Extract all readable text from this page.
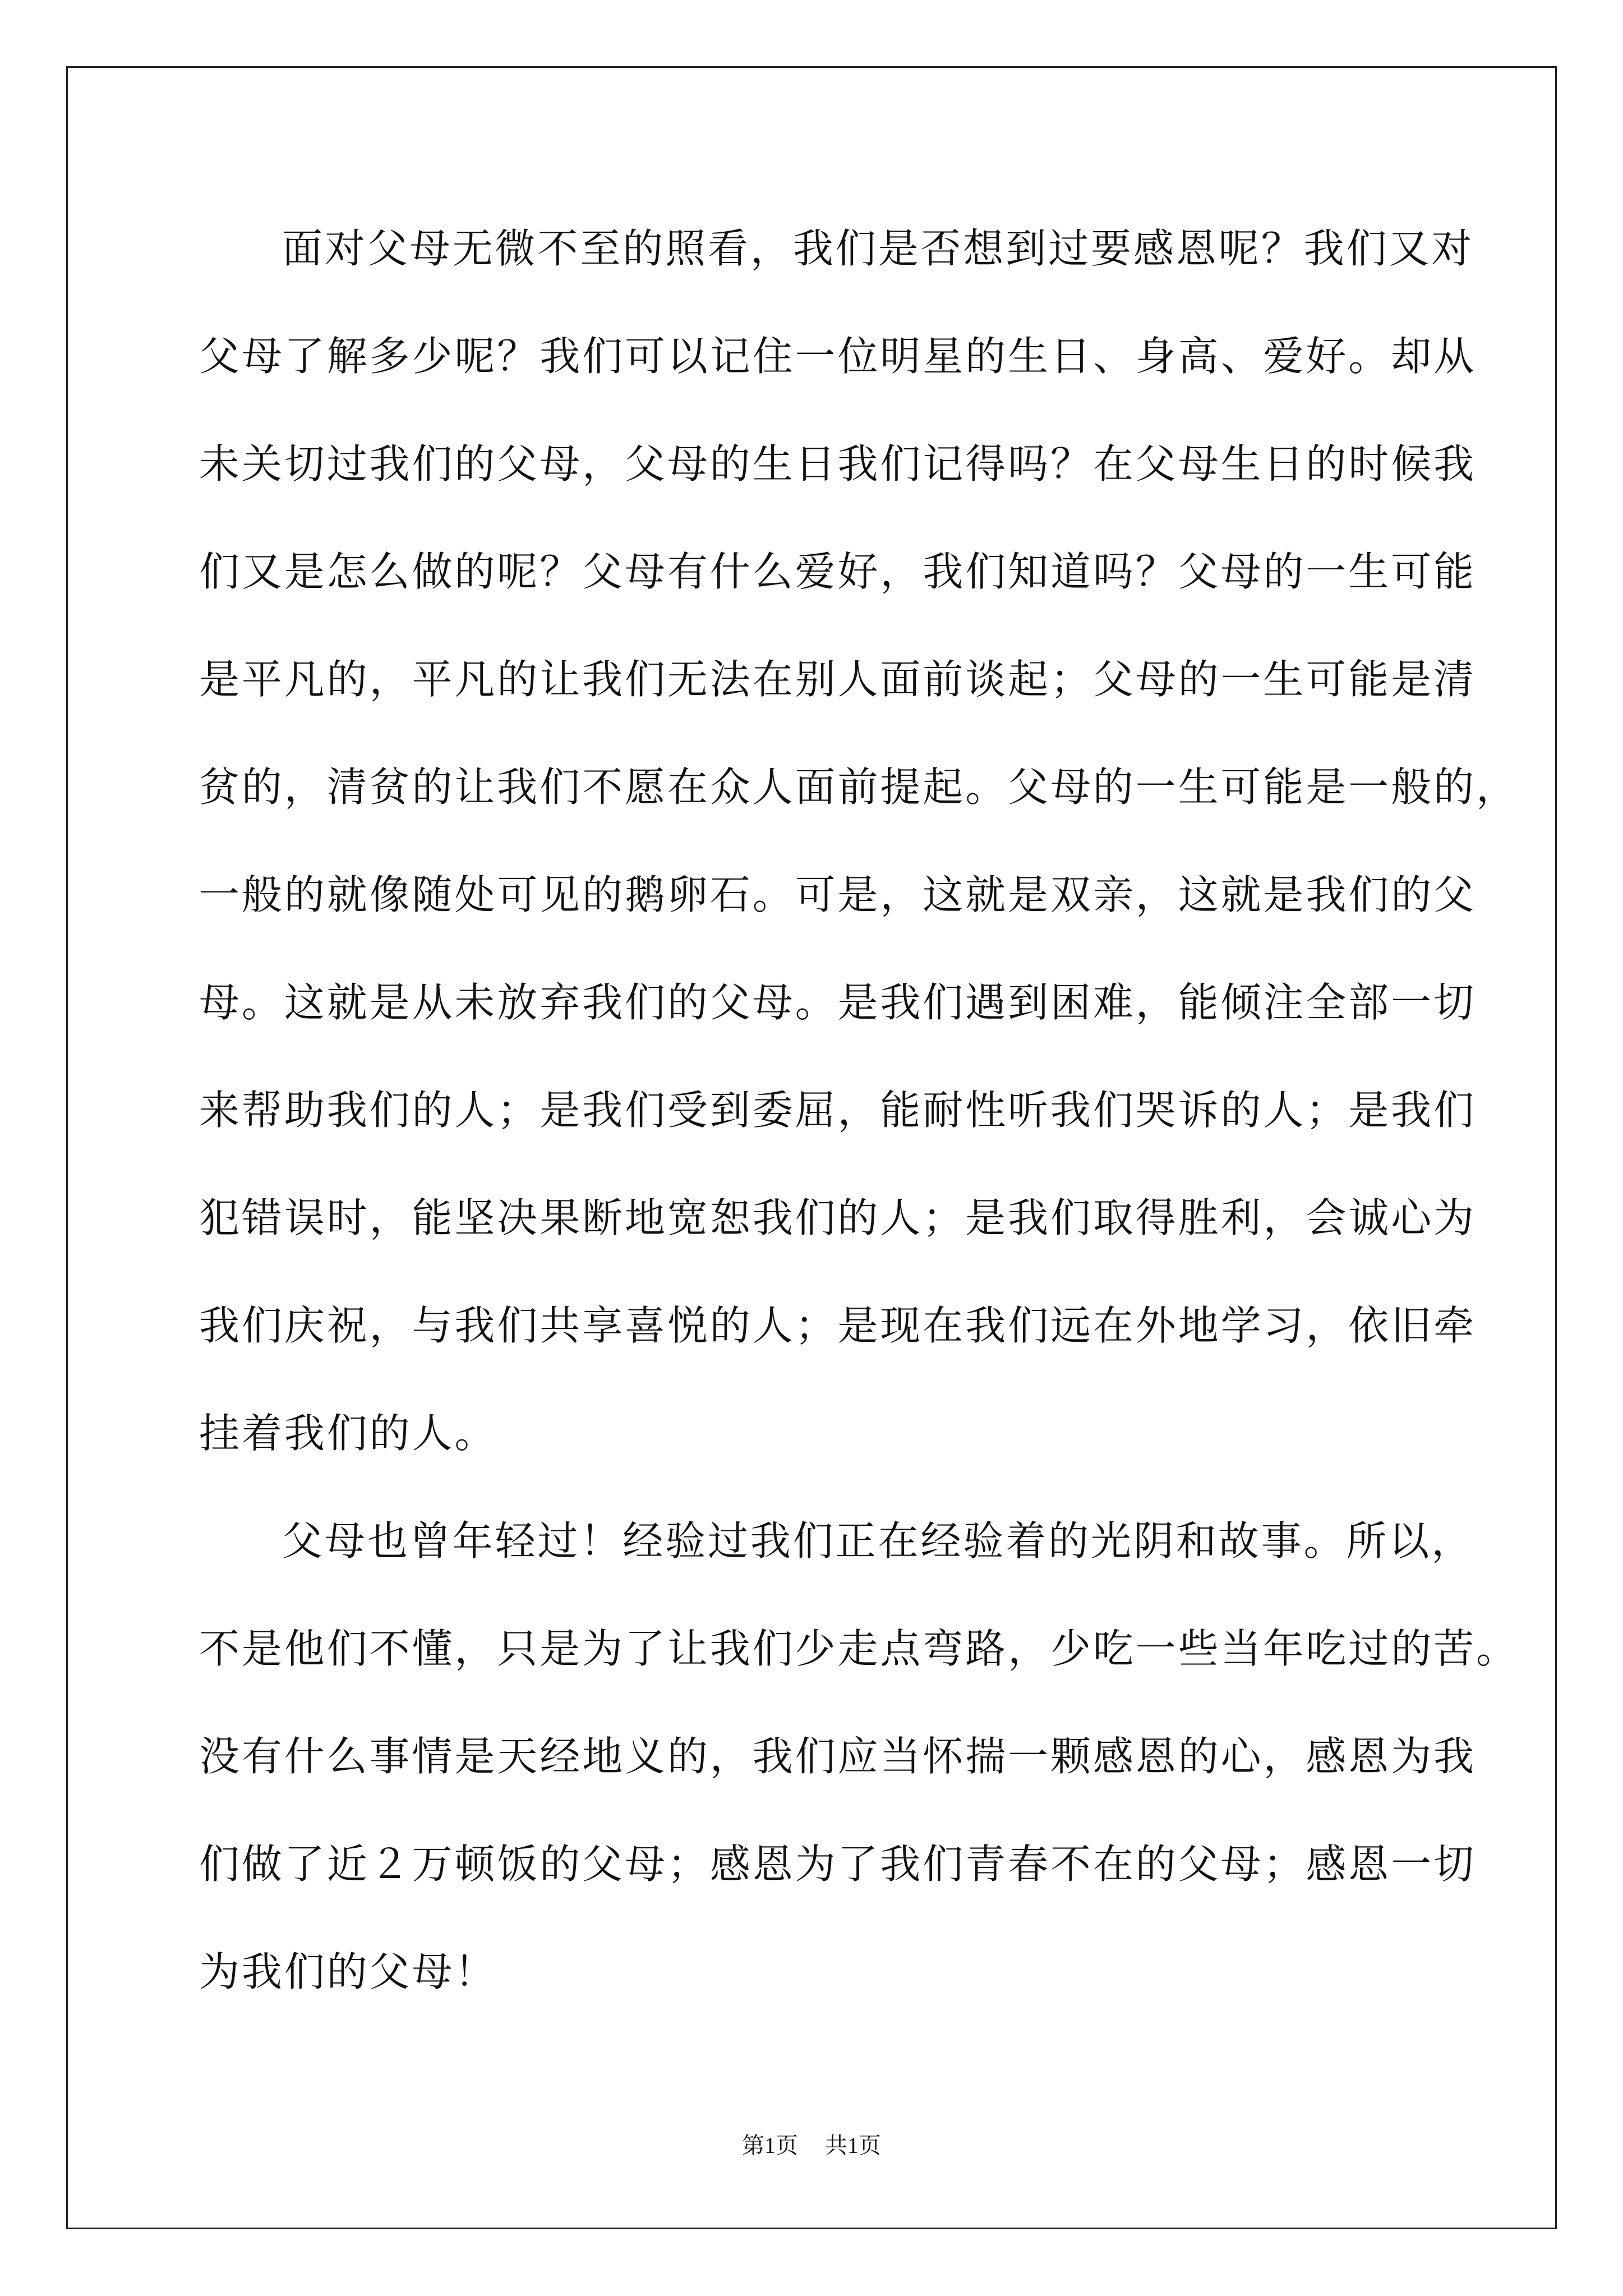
面对父母无微不至的照看，我们是否想到过要感恩呢？我们又对
父母了解多少呢？我们可以记住一位明星的生日、身高、爱好。却从
未关切过我们的父母，父母的生日我们记得吗？在父母生日的时候我
们又是怎么做的呢？父母有什么爱好，我们知道吗？父母的一生可能
是平凡的，平凡的让我们无法在别人面前谈起；父母的一生可能是清
贫的，清贫的让我们不愿在众人面前提起。父母的一生可能是一般的，
一般的就像随处可见的鹅卵石。可是，这就是双亲，这就是我们的父
母。这就是从未放弃我们的父母。是我们遇到困难，能倾注全部一切
来帮助我们的人；是我们受到委屈，能耐性听我们哭诉的人；是我们
犯错误时，能坚决果断地宽恕我们的人；是我们取得胜利，会诚心为
我们庆祝，与我们共享喜悦的人；是现在我们远在外地学习，依旧牵
挂着我们的人。
父母也曾年轻过！经验过我们正在经验着的光阴和故事。所以，
不是他们不懂，只是为了让我们少走点弯路，少吃一些当年吃过的苦。
没有什么事情是天经地义的，我们应当怀揣一颗感恩的心，感恩为我
们做了近２万顿饭的父母；感恩为了我们青春不在的父母；感恩一切
为我们的父母！
第1页 共1页
